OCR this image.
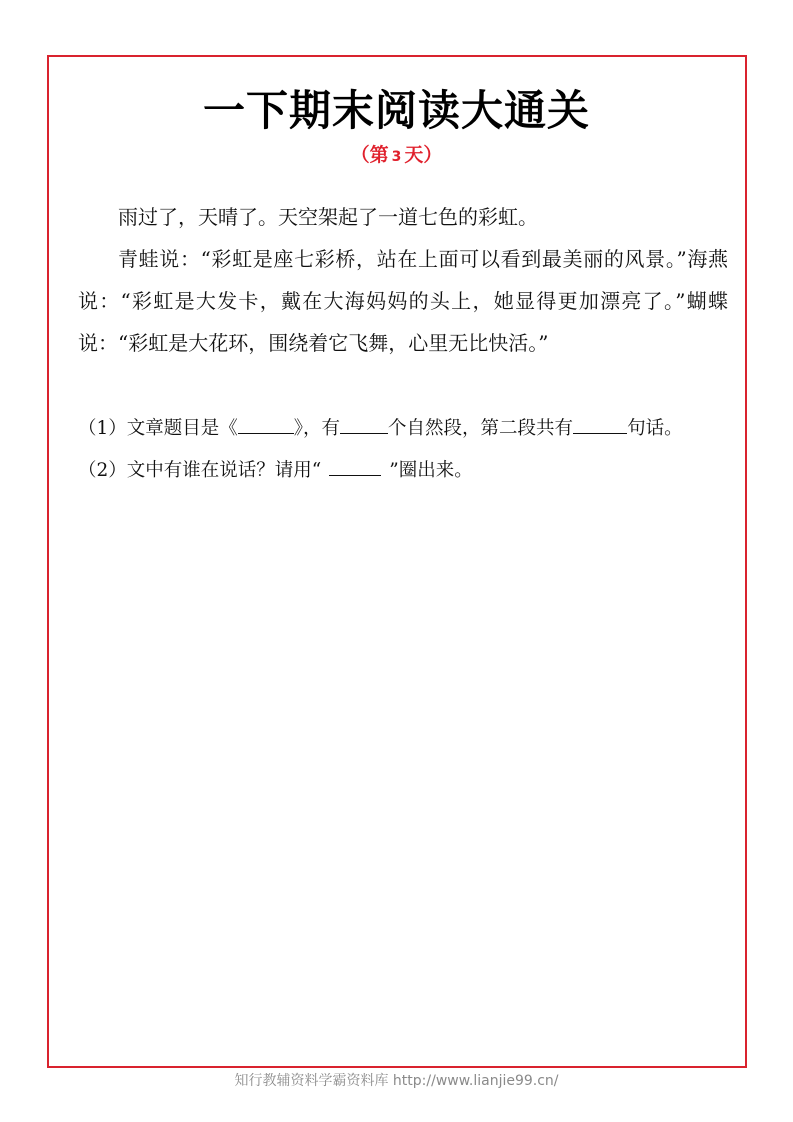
一下期末阅读大通关
（第 3 天）

雨过了，天晴了。天空架起了一道七色的彩虹。

青蛙说：“彩虹是座七彩桥，站在上面可以看到最美丽的风景。”海燕说：“彩虹是大发卡，戴在大海妈妈的头上，她显得更加漂亮了。”蝴蝶说：“彩虹是大花环，围绕着它飞舞，心里无比快活。”

（1）文章题目是《	》，有	个自然段，第二段共有	句话。

（2）文中有谁在说话？请用“	”圈出来。

知行教辅资料学霸资料库 http://www.lianjie99.cn/
